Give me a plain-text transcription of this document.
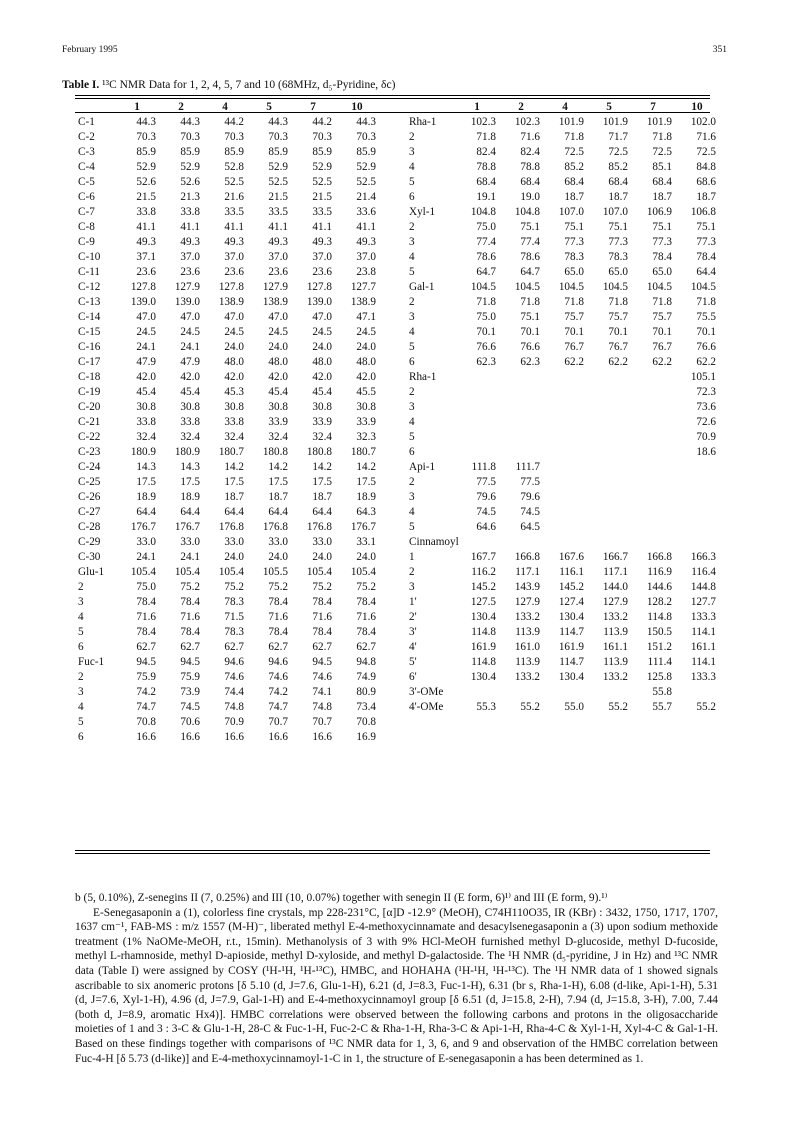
February 1995	351
Table I. ¹³C NMR Data for 1, 2, 4, 5, 7 and 10 (68MHz, d₅-Pyridine, δc)
C-1
C-2
C-3
C-4
C-5
C-6
C-7
C-8
C-9
C-10
C-11
C-12
C-13
C-14
C-15
C-16
C-17
C-18
C-19
C-20
C-21
C-22
C-23
C-24
C-25
C-26
C-27
C-28
C-29
C-30
Glu-1
2
3
4
5
6
Fuc-1
2
3
4
5
6
1
44.3
70.3
85.9
52.9
52.6
21.5
33.8
41.1
49.3
37.1
23.6
127.8
139.0
47.0
24.5
24.1
47.9
42.0
45.4
30.8
33.8
32.4
180.9
14.3
17.5
18.9
64.4
176.7
33.0
24.1
105.4
75.0
78.4
71.6
78.4
62.7
94.5
75.9
74.2
74.7
70.8
16.6
2
44.3
70.3
85.9
52.9
52.6
21.3
33.8
41.1
49.3
37.0
23.6
127.9
139.0
47.0
24.5
24.1
47.9
42.0
45.4
30.8
33.8
32.4
180.9
14.3
17.5
18.9
64.4
176.7
33.0
24.1
105.4
75.2
78.4
71.6
78.4
62.7
94.5
75.9
73.9
74.5
70.6
16.6
4
44.2
70.3
85.9
52.8
52.5
21.6
33.5
41.1
49.3
37.0
23.6
127.8
138.9
47.0
24.5
24.0
48.0
42.0
45.3
30.8
33.8
32.4
180.7
14.2
17.5
18.7
64.4
176.8
33.0
24.0
105.4
75.2
78.3
71.5
78.3
62.7
94.6
74.6
74.4
74.8
70.9
16.6
5
44.3
70.3
85.9
52.9
52.5
21.5
33.5
41.1
49.3
37.0
23.6
127.9
138.9
47.0
24.5
24.0
48.0
42.0
45.4
30.8
33.9
32.4
180.8
14.2
17.5
18.7
64.4
176.8
33.0
24.0
105.5
75.2
78.4
71.6
78.4
62.7
94.6
74.6
74.2
74.7
70.7
16.6
7
44.2
70.3
85.9
52.9
52.5
21.5
33.5
41.1
49.3
37.0
23.6
127.8
139.0
47.0
24.5
24.0
48.0
42.0
45.4
30.8
33.9
32.4
180.8
14.2
17.5
18.7
64.4
176.8
33.0
24.0
105.4
75.2
78.4
71.6
78.4
62.7
94.5
74.6
74.1
74.8
70.7
16.6
10
44.3
70.3
85.9
52.9
52.5
21.4
33.6
41.1
49.3
37.0
23.8
127.7
138.9
47.1
24.5
24.0
48.0
42.0
45.5
30.8
33.9
32.3
180.7
14.2
17.5
18.9
64.3
176.7
33.1
24.0
105.4
75.2
78.4
71.6
78.4
62.7
94.8
74.9
80.9
73.4
70.8
16.9
Rha-1
2
3
4
5
6
Xyl-1
2
3
4
5
Gal-1
2
3
4
5
6
Rha-1
2
3
4
5
6
Api-1
2
3
4
5
Cinnamoyl
1
2
3
1'
2'
3'
4'
5'
6'
3'-OMe
4'-OMe
1
102.3
71.8
82.4
78.8
68.4
19.1
104.8
75.0
77.4
78.6
64.7
104.5
71.8
75.0
70.1
76.6
62.3
111.8
77.5
79.6
74.5
64.6
167.7
116.2
145.2
127.5
130.4
114.8
161.9
114.8
130.4
55.3
2
102.3
71.6
82.4
78.8
68.4
19.0
104.8
75.1
77.4
78.6
64.7
104.5
71.8
75.1
70.1
76.6
62.3
111.7
77.5
79.6
74.5
64.5
166.8
117.1
143.9
127.9
133.2
113.9
161.0
113.9
133.2
55.2
4
101.9
71.8
72.5
85.2
68.4
18.7
107.0
75.1
77.3
78.3
65.0
104.5
71.8
75.7
70.1
76.7
62.2
167.6
116.1
145.2
127.4
130.4
114.7
161.9
114.7
130.4
55.0
5
101.9
71.7
72.5
85.2
68.4
18.7
107.0
75.1
77.3
78.3
65.0
104.5
71.8
75.7
70.1
76.7
62.2
166.7
117.1
144.0
127.9
133.2
113.9
161.1
113.9
133.2
55.2
7
101.9
71.8
72.5
85.1
68.4
18.7
106.9
75.1
77.3
78.4
65.0
104.5
71.8
75.7
70.1
76.7
62.2
166.8
116.9
144.6
128.2
114.8
150.5
151.2
111.4
125.8
55.8
55.7
10
102.0
71.6
72.5
84.8
68.6
18.7
106.8
75.1
77.3
78.4
64.4
104.5
71.8
75.5
70.1
76.6
62.2
105.1
72.3
73.6
72.6
70.9
18.6
166.3
116.4
144.8
127.7
133.3
114.1
161.1
114.1
133.3
55.2

b (5, 0.10%), Z-senegins II (7, 0.25%) and III (10, 0.07%) together with senegin II (E form, 6)¹⁾ and III (E form, 9).¹⁾

E-Senegasaponin a (1), colorless fine crystals, mp 228-231°C, [α]D -12.9° (MeOH), C74H110O35, IR (KBr) : 3432, 1750, 1717, 1707, 1637 cm⁻¹, FAB-MS : m/z 1557 (M-H)⁻, liberated methyl E-4-methoxycinnamate and desacylsenegasaponin a (3) upon sodium methoxide treatment (1% NaOMe-MeOH, r.t., 15min). Methanolysis of 3 with 9% HCl-MeOH furnished methyl D-glucoside, methyl D-fucoside, methyl L-rhamnoside, methyl D-apioside, methyl D-xyloside, and methyl D-galactoside. The ¹H NMR (d₅-pyridine, J in Hz) and ¹³C NMR data (Table I) were assigned by COSY (¹H-¹H, ¹H-¹³C), HMBC, and HOHAHA (¹H-¹H, ¹H-¹³C). The ¹H NMR data of 1 showed signals ascribable to six anomeric protons [δ 5.10 (d, J=7.6, Glu-1-H), 6.21 (d, J=8.3, Fuc-1-H), 6.31 (br s, Rha-1-H), 6.08 (d-like, Api-1-H), 5.31 (d, J=7.6, Xyl-1-H), 4.96 (d, J=7.9, Gal-1-H) and E-4-methoxycinnamoyl group [δ 6.51 (d, J=15.8, 2-H), 7.94 (d, J=15.8, 3-H), 7.00, 7.44 (both d, J=8.9, aromatic Hx4)]. HMBC correlations were observed between the following carbons and protons in the oligosaccharide moieties of 1 and 3 : 3-C & Glu-1-H, 28-C & Fuc-1-H, Fuc-2-C & Rha-1-H, Rha-3-C & Api-1-H, Rha-4-C & Xyl-1-H, Xyl-4-C & Gal-1-H. Based on these findings together with comparisons of ¹³C NMR data for 1, 3, 6, and 9 and observation of the HMBC correlation between Fuc-4-H [δ 5.73 (d-like)] and E-4-methoxycinnamoyl-1-C in 1, the structure of E-senegasaponin a has been determined as 1.
